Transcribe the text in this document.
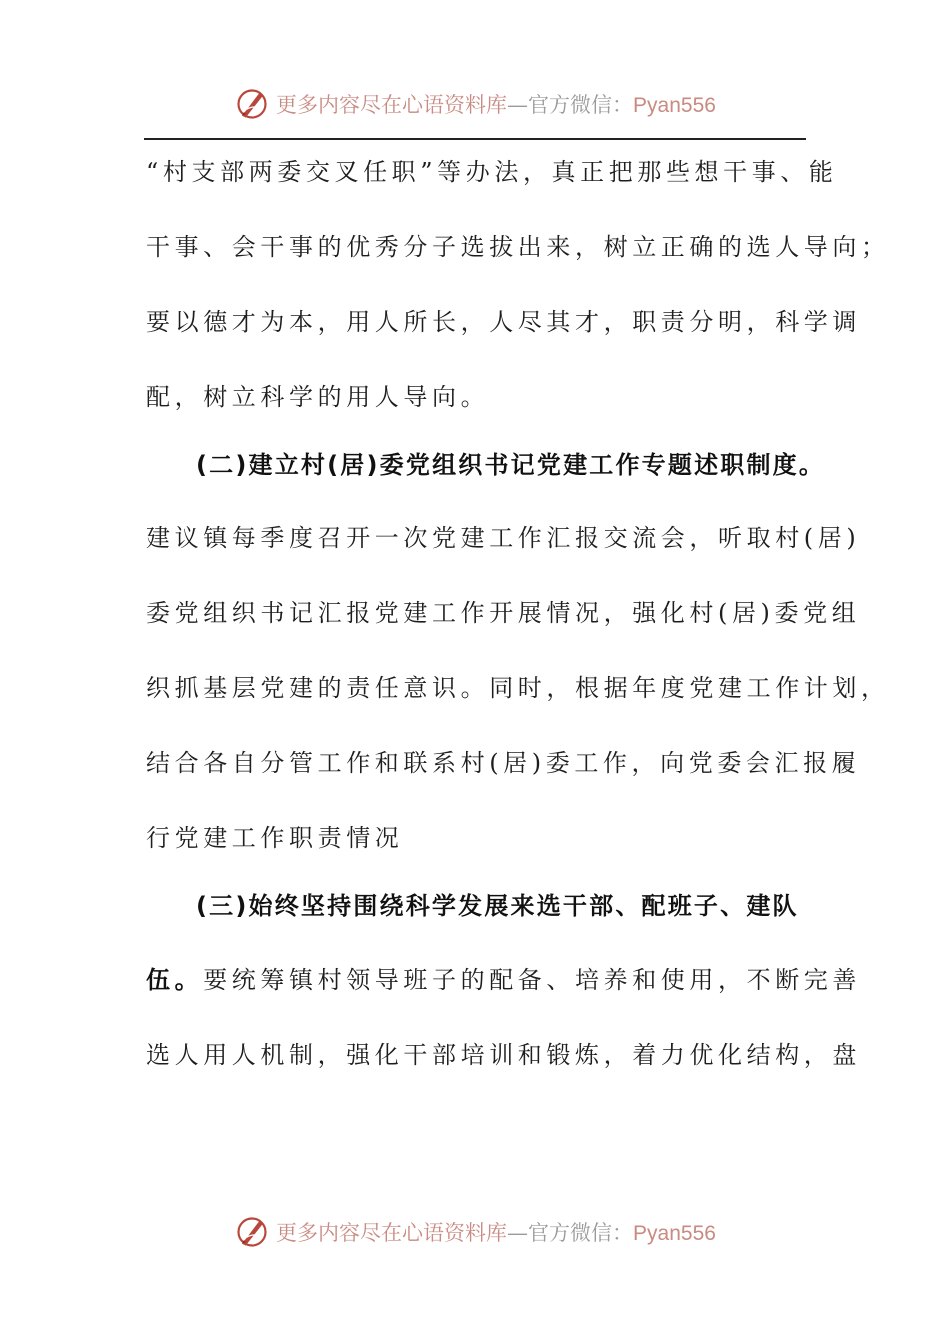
更多内容尽在心语资料库—官方微信：Pyan556
“村支部两委交叉任职”等办法，真正把那些想干事、能
干事、会干事的优秀分子选拔出来，树立正确的选人导向；
要以德才为本，用人所长，人尽其才，职责分明，科学调
配，树立科学的用人导向。
(二)建立村(居)委党组织书记党建工作专题述职制度。
建议镇每季度召开一次党建工作汇报交流会，听取村(居)
委党组织书记汇报党建工作开展情况，强化村(居)委党组
织抓基层党建的责任意识。同时，根据年度党建工作计划，
结合各自分管工作和联系村(居)委工作，向党委会汇报履
行党建工作职责情况
(三)始终坚持围绕科学发展来选干部、配班子、建队
伍。要统筹镇村领导班子的配备、培养和使用，不断完善
选人用人机制，强化干部培训和锻炼，着力优化结构，盘
更多内容尽在心语资料库—官方微信：Pyan556
